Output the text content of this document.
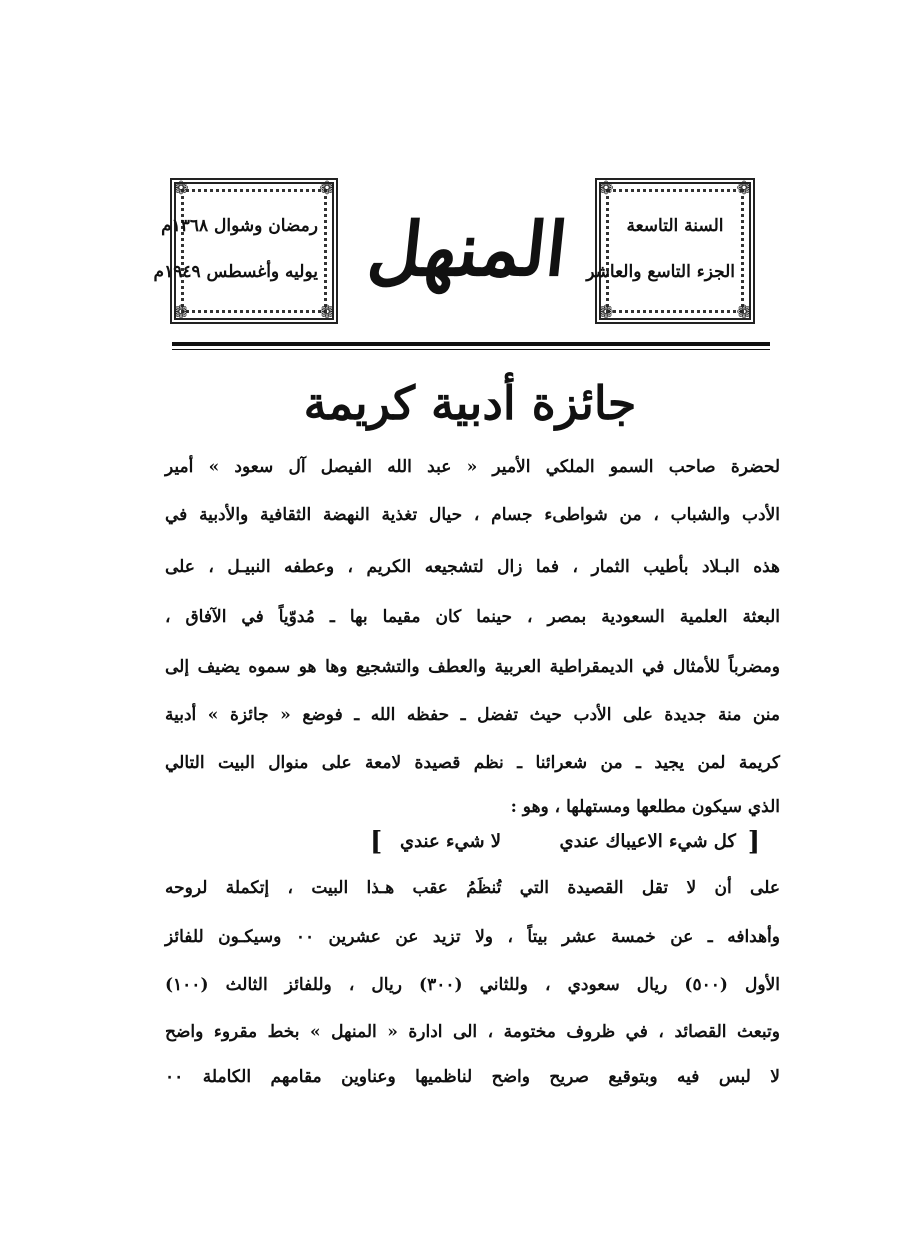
❁	❁
❁	❁
رمضان وشوال ١٣٦٨م
يوليه وأغسطس ١٩٤٩م المنهل
❁	❁
❁	❁
السنة التاسعة
الجزء التاسع والعاشر
جائزة أدبية كريمة
لحضرة صاحب السمو الملكي الأمير « عبد الله الفيصل آل سعود » أمير
الأدب والشباب ، من شواطىء جسام ، حيال تغذية النهضة الثقافية والأدبية في
هذه البـلاد بأطيب الثمار ، فما زال لتشجيعه الكريم ، وعطفه النبيـل ، على
البعثة العلمية السعودية بمصر ، حينما كان مقيما بها ـ مُدوّياً في الآفاق ،
ومضرباً للأمثال في الديمقراطية العربية والعطف والتشجيع وها هو سموه يضيف إلى
منن منة جديدة على الأدب حيث تفضل ـ حفظه الله ـ فوضع « جائزة » أدبية
كريمة لمن يجيد ـ من شعرائنا ـ نظم قصيدة لامعة على منوال البيت التالي
الذي سيكون مطلعها ومستهلها ، وهو :
[
كل شيء الاعيباك عندي
لا شيء عندي
]
على أن لا تقل القصيدة التي تُنظَمُ عقب هـذا البيت ، إتكملة لروحه
وأهدافه ـ عن خمسة عشر بيتاً ، ولا تزيد عن عشرين ٠٠ وسيكـون للفائز
الأول (٥٠٠) ريال سعودي ، وللثاني (٣٠٠) ريال ، وللفائز الثالث (١٠٠)
وتبعث القصائد ، في ظروف مختومة ، الى ادارة « المنهل » بخط مقروء واضح
لا لبس فيه وبتوقيع صريح واضح لناظميها وعناوين مقامهم الكاملة ٠٠
